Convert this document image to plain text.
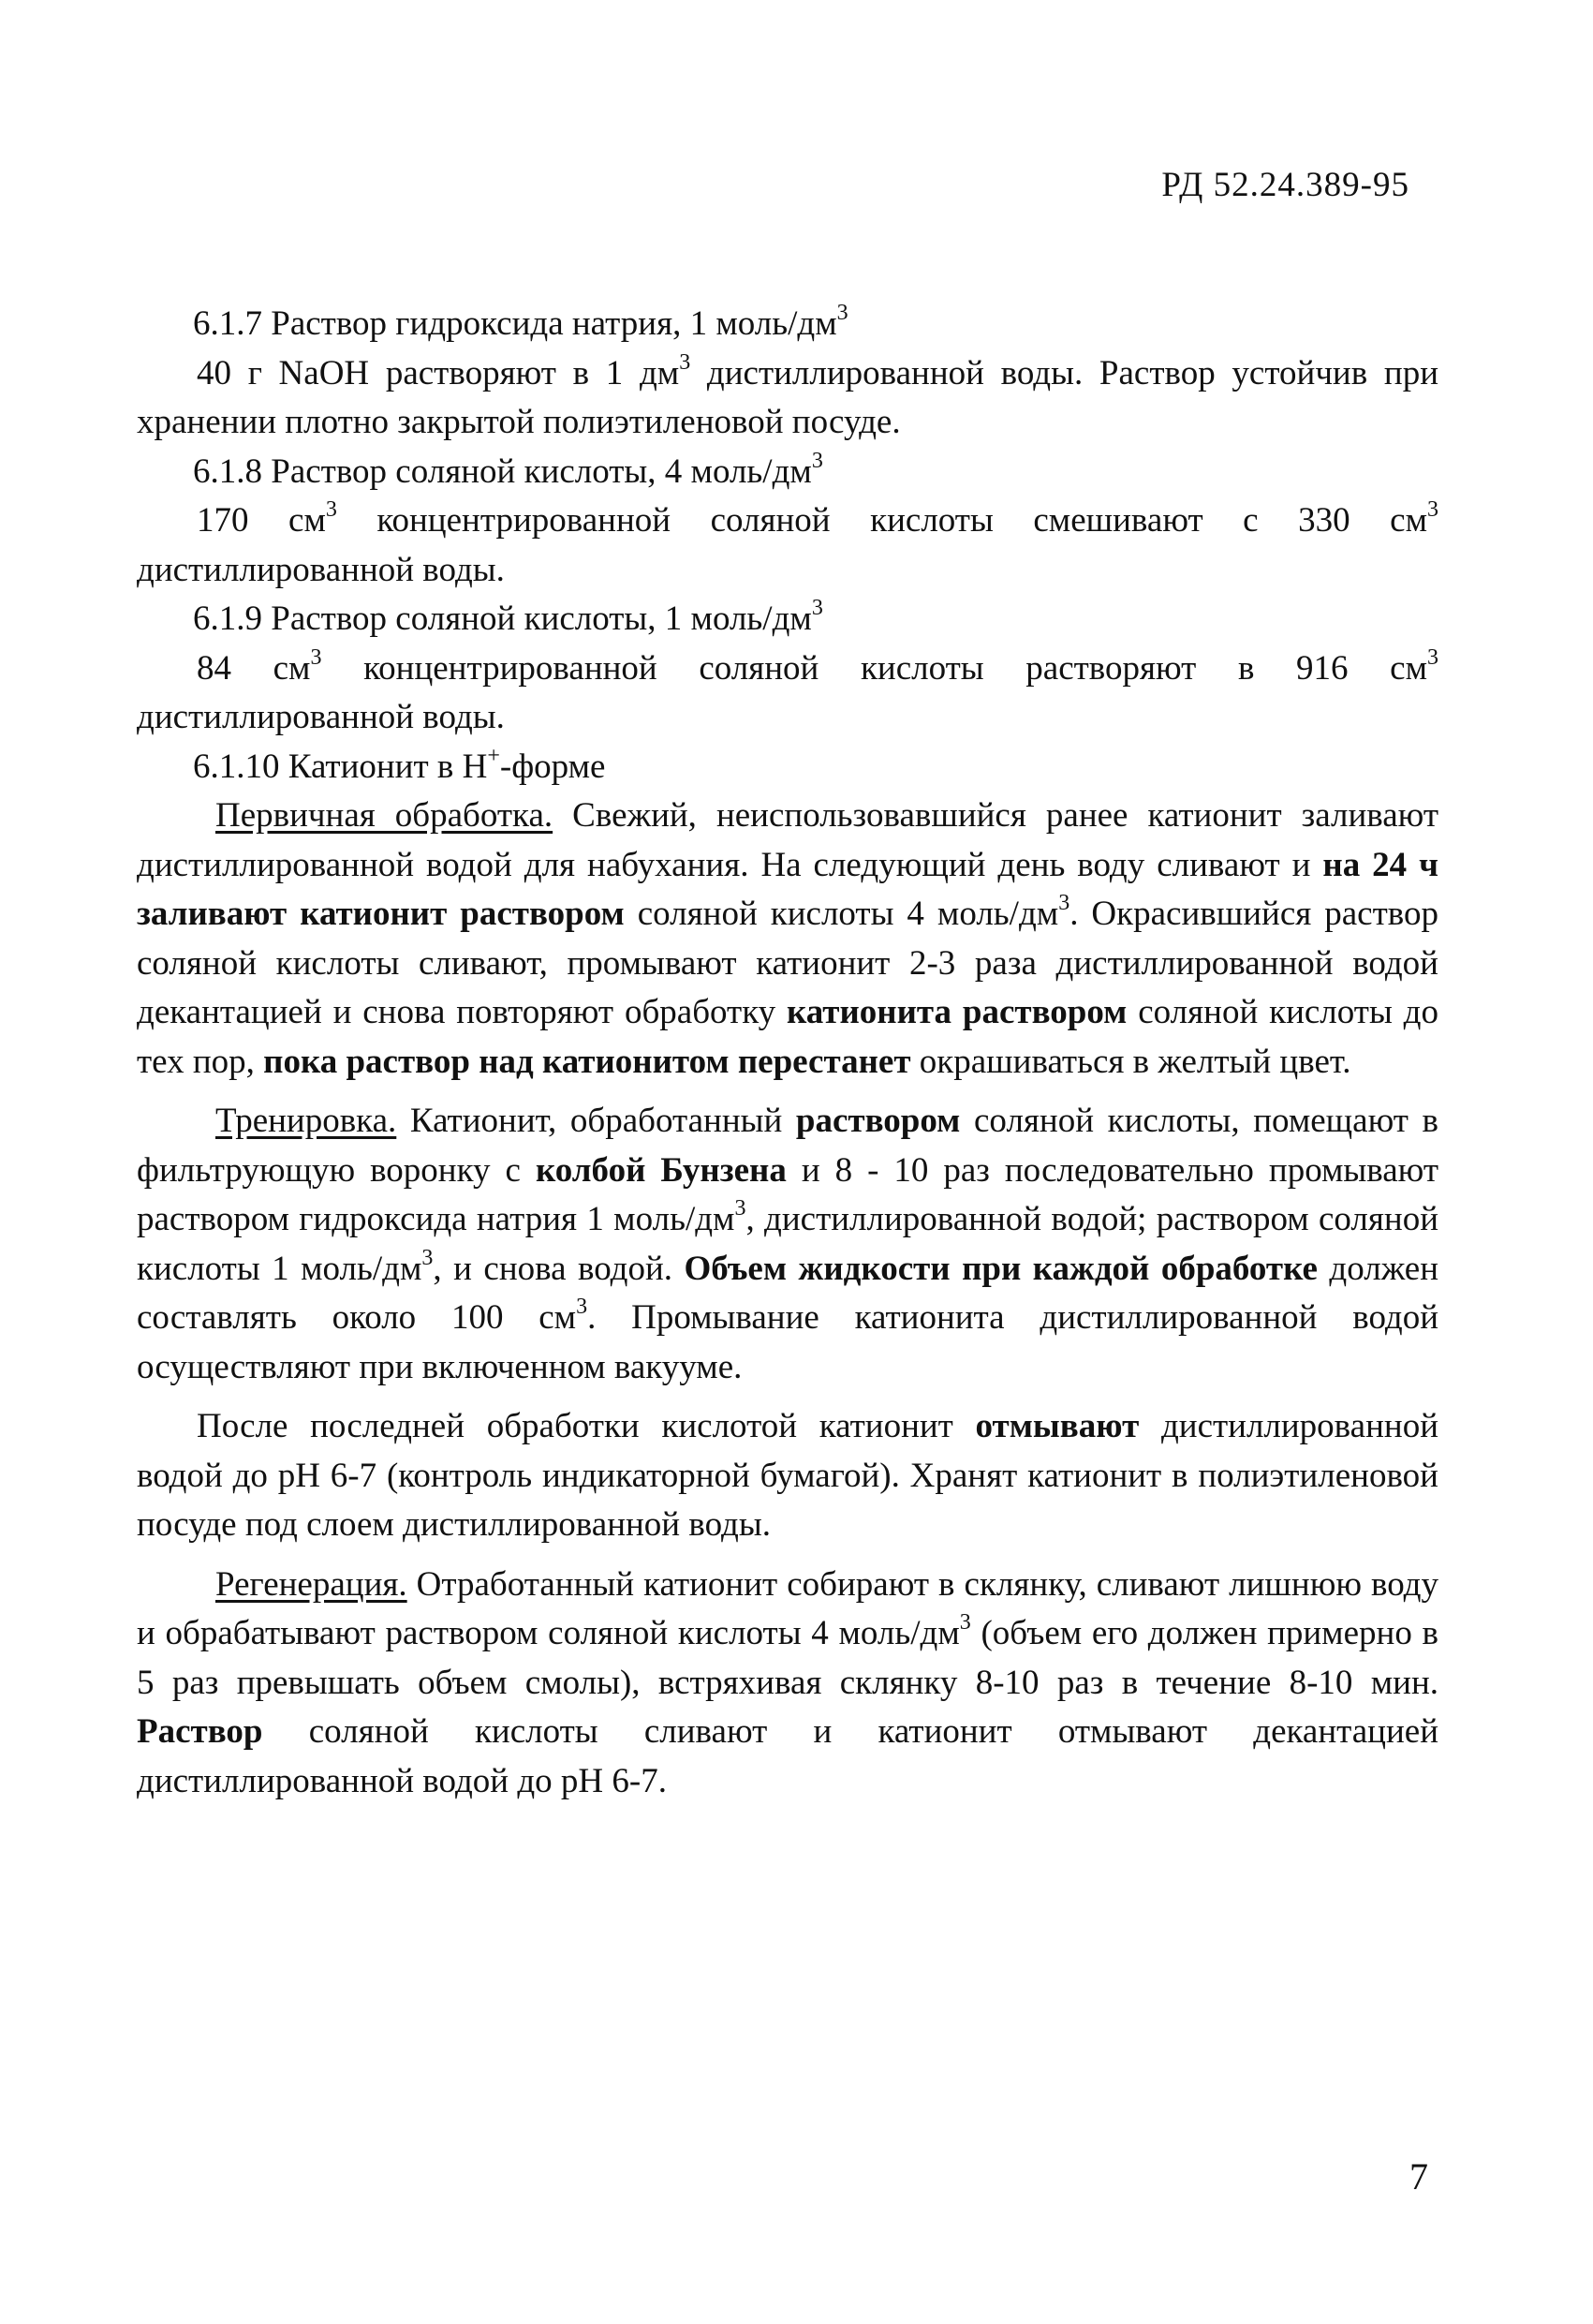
РД 52.24.389-95

6.1.7 Раствор гидроксида натрия, 1 моль/$дм^3$

40 г NaOH растворяют в 1 $дм^3$ дистиллированной воды. Раствор устойчив при хранении плотно закрытой полиэтиленовой посуде.

6.1.8 Раствор соляной кислоты, 4 моль/$дм^3$

170 $см^3$ концентрированной соляной кислоты смешивают с 330 $см^3$ дистиллированной воды.

6.1.9 Раствор соляной кислоты, 1 моль/$дм^3$

84 $см^3$ концентрированной соляной кислоты растворяют в 916 $см^3$ дистиллированной воды.

6.1.10 Катионит в H+-форме

Первичная обработка. Свежий, неиспользовавшийся ранее катионит заливают дистиллированной водой для набухания. На следующий день воду сливают и на 24 ч заливают катионит раствором соляной кислоты 4 моль/$дм^3$. Окрасившийся раствор соляной кислоты сливают, промывают катионит 2-3 раза дистиллированной водой декантацией и снова повторяют обработку катионита раствором соляной кислоты до тех пор, пока раствор над катионитом перестанет окрашиваться в желтый цвет.

Тренировка. Катионит, обработанный раствором соляной кислоты, помещают в фильтрующую воронку с колбой Бунзена и 8 - 10 раз последовательно промывают раствором гидроксида натрия 1 моль/$дм^3$, дистиллированной водой; раствором соляной кислоты 1 моль/$дм^3$, и снова водой. Объем жидкости при каждой обработке должен составлять около 100 $см^3$. Промывание катионита дистиллированной водой осуществляют при включенном вакууме.

После последней обработки кислотой катионит отмывают дистиллированной водой до pH 6-7 (контроль индикаторной бумагой). Хранят катионит в полиэтиленовой посуде под слоем дистиллированной воды.

Регенерация. Отработанный катионит собирают в склянку, сливают лишнюю воду и обрабатывают раствором соляной кислоты 4 моль/$дм^3$ (объем его должен примерно в 5 раз превышать объем смолы), встряхивая склянку 8-10 раз в течение 8-10 мин. Раствор соляной кислоты сливают и катионит отмывают декантацией дистиллированной водой до pH 6-7.

7
